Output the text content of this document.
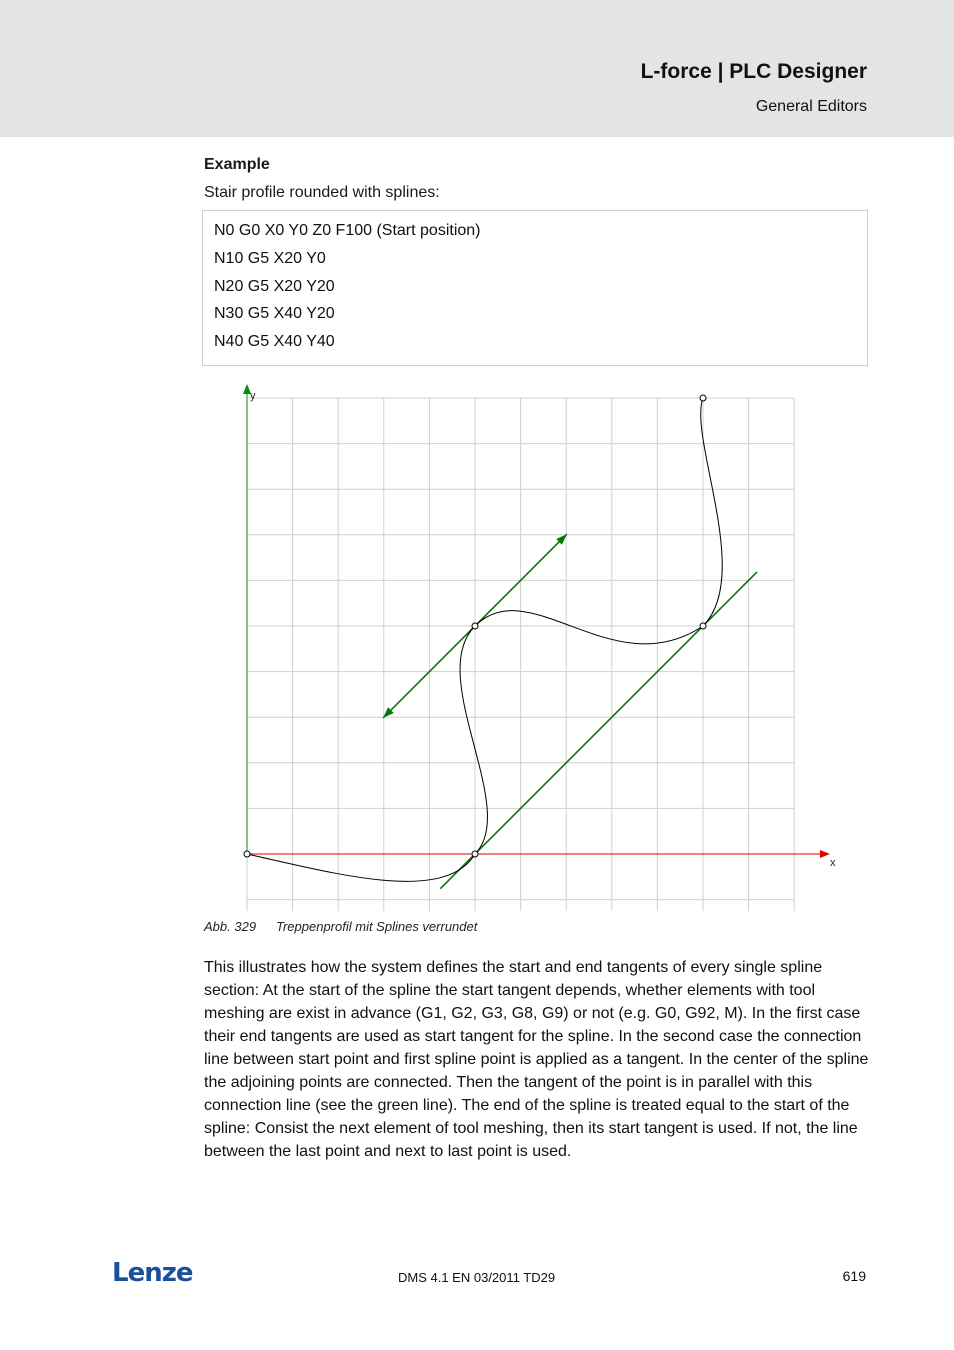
L-force | PLC Designer
General Editors
Example
Stair profile rounded with splines:
N0 G0 X0 Y0 Z0 F100 (Start position)
N10 G5 X20 Y0
N20 G5 X20 Y20
N30 G5 X40 Y20
N40 G5 X40 Y40
x
y
Abb. 329 Treppenprofil mit Splines verrundet
This illustrates how the system defines the start and end tangents of every single spline section: At the start of the spline the start tangent depends, whether elements with tool meshing are exist in advance (G1, G2, G3, G8, G9) or not (e.g. G0, G92, M). In the first case their end tangents are used as start tangent for the spline. In the second case the connection line between start point and first spline point is applied as a tangent. In the center of the spline the adjoining points are connected. Then the tangent of the point is in parallel with this connection line (see the green line). The end of the spline is treated equal to the start of the spline: Consist the next element of tool meshing, then its start tangent is used. If not, the line between the last point and next to last point is used.
Lenze	DMS 4.1 EN 03/2011 TD29	619
